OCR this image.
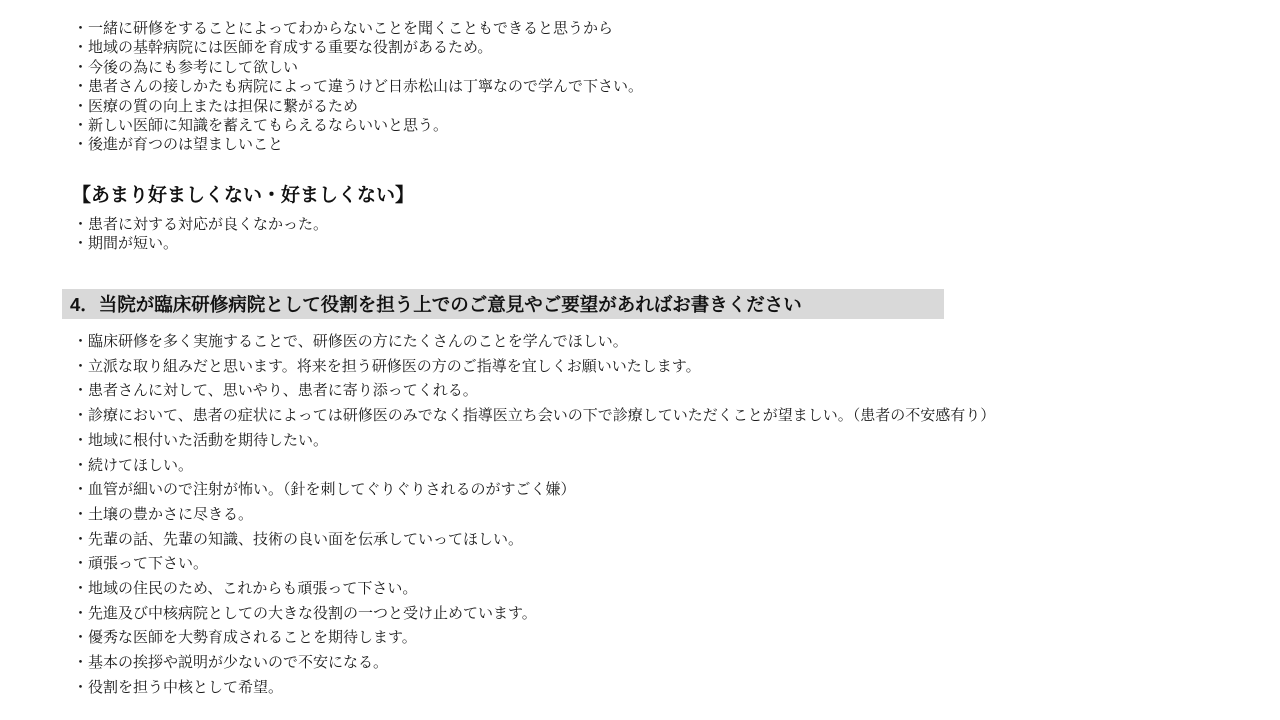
・一緒に研修をすることによってわからないことを聞くこともできると思うから
・地域の基幹病院には医師を育成する重要な役割があるため。
・今後の為にも参考にして欲しい
・患者さんの接しかたも病院によって違うけど日赤松山は丁寧なので学んで下さい。
・医療の質の向上または担保に繋がるため
・新しい医師に知識を蓄えてもらえるならいいと思う。
・後進が育つのは望ましいこと
【あまり好ましくない・好ましくない】
・患者に対する対応が良くなかった。
・期間が短い。
4．当院が臨床研修病院として役割を担う上でのご意見やご要望があればお書きください
・臨床研修を多く実施することで、研修医の方にたくさんのことを学んでほしい。
・立派な取り組みだと思います。将来を担う研修医の方のご指導を宜しくお願いいたします。
・患者さんに対して、思いやり、患者に寄り添ってくれる。
・診療において、患者の症状によっては研修医のみでなく指導医立ち会いの下で診療していただくことが望ましい。（患者の不安感有り）
・地域に根付いた活動を期待したい。
・続けてほしい。
・血管が細いので注射が怖い。（針を刺してぐりぐりされるのがすごく嫌）
・土壌の豊かさに尽きる。
・先輩の話、先輩の知識、技術の良い面を伝承していってほしい。
・頑張って下さい。
・地域の住民のため、これからも頑張って下さい。
・先進及び中核病院としての大きな役割の一つと受け止めています。
・優秀な医師を大勢育成されることを期待します。
・基本の挨拶や説明が少ないので不安になる。
・役割を担う中核として希望。
